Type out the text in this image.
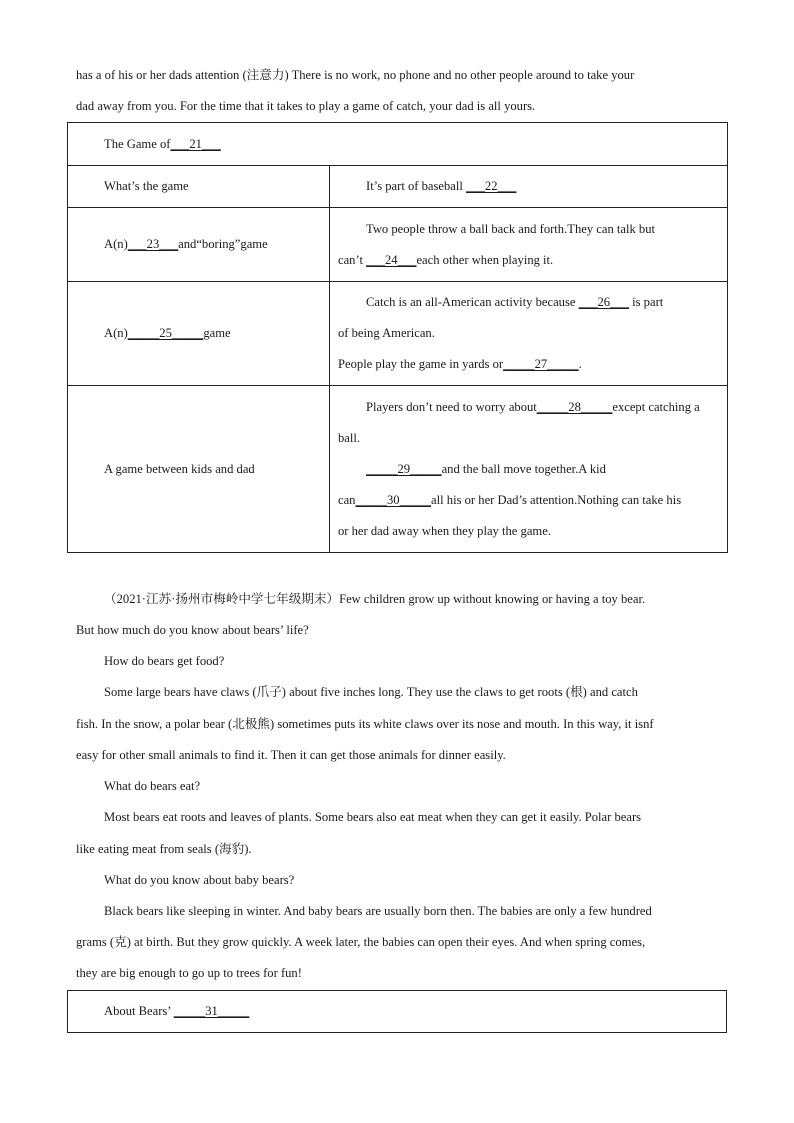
has a of his or her dads attention (注意力) There is no work, no phone and no other people around to take your

dad away from you. For the time that it takes to play a game of catch, your dad is all yours.

The Game of___21___	
What’s the game	It’s part of baseball ___22___
A(n)___23___and“boring”game	Two people throw a ball back and forth.They can talk but
can’t ___24___each other when playing it.

A(n)_____25_____game	Catch is an all-American activity because ___26___ is part
of being American.
People play the game in yards or_____27_____.

A game between kids and dad	Players don’t need to worry about_____28_____except catching a
ball.
_____29_____and the ball move together.A kid
can_____30_____all his or her Dad’s attention.Nothing can take his
or her dad away when they play the game.

（2021·江苏·扬州市梅岭中学七年级期末）Few children grow up without knowing or having a toy bear.

But how much do you know about bears’ life?

How do bears get food?

Some large bears have claws (爪子) about five inches long. They use the claws to get roots (根) and catch

fish. In the snow, a polar bear (北极熊) sometimes puts its white claws over its nose and mouth. In this way, it isnf

easy for other small animals to find it. Then it can get those animals for dinner easily.

What do bears eat?

Most bears eat roots and leaves of plants. Some bears also eat meat when they can get it easily. Polar bears

like eating meat from seals (海豹).

What do you know about baby bears?

Black bears like sleeping in winter. And baby bears are usually born then. The babies are only a few hundred

grams (克) at birth. But they grow quickly. A week later, the babies can open their eyes. And when spring comes,

they are big enough to go up to trees for fun!

About Bears’ _____31_____
